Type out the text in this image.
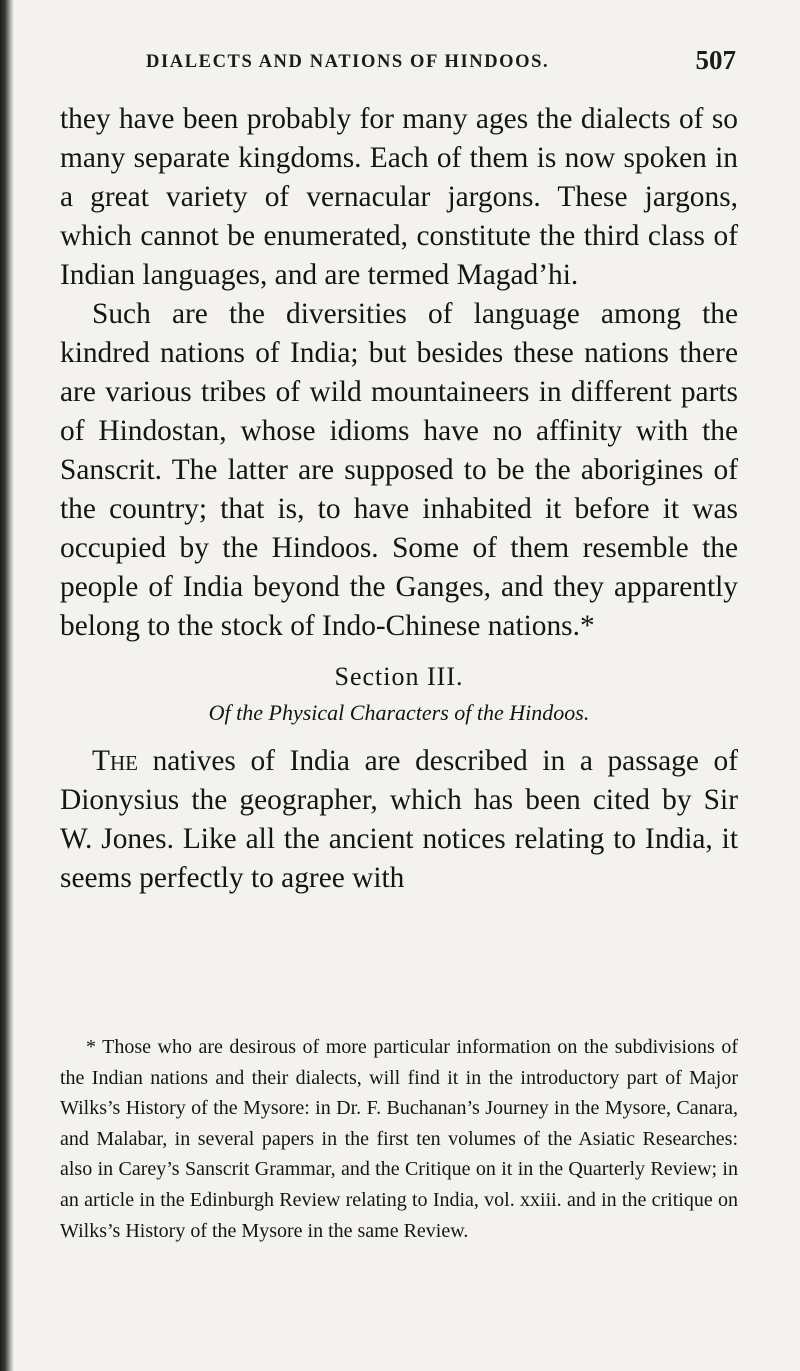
DIALECTS AND NATIONS OF HINDOOS.	507

they have been probably for many ages the dialects of so many separate kingdoms. Each of them is now spoken in a great variety of vernacular jargons. These jargons, which cannot be enumerated, constitute the third class of Indian languages, and are termed Magad’hi.

Such are the diversities of language among the kindred nations of India; but besides these nations there are various tribes of wild mountaineers in different parts of Hindostan, whose idioms have no affinity with the Sanscrit. The latter are supposed to be the aborigines of the country; that is, to have inhabited it before it was occupied by the Hindoos. Some of them resemble the people of India beyond the Ganges, and they apparently belong to the stock of Indo-Chinese nations.*

Section III.
Of the Physical Characters of the Hindoos.

The natives of India are described in a passage of Dionysius the geographer, which has been cited by Sir W. Jones. Like all the ancient notices relating to India, it seems perfectly to agree with

* Those who are desirous of more particular information on the subdivisions of the Indian nations and their dialects, will find it in the introductory part of Major Wilks’s History of the Mysore: in Dr. F. Buchanan’s Journey in the Mysore, Canara, and Malabar, in several papers in the first ten volumes of the Asiatic Researches: also in Carey’s Sanscrit Grammar, and the Critique on it in the Quarterly Review; in an article in the Edinburgh Review relating to India, vol. xxiii. and in the critique on Wilks’s History of the Mysore in the same Review.
